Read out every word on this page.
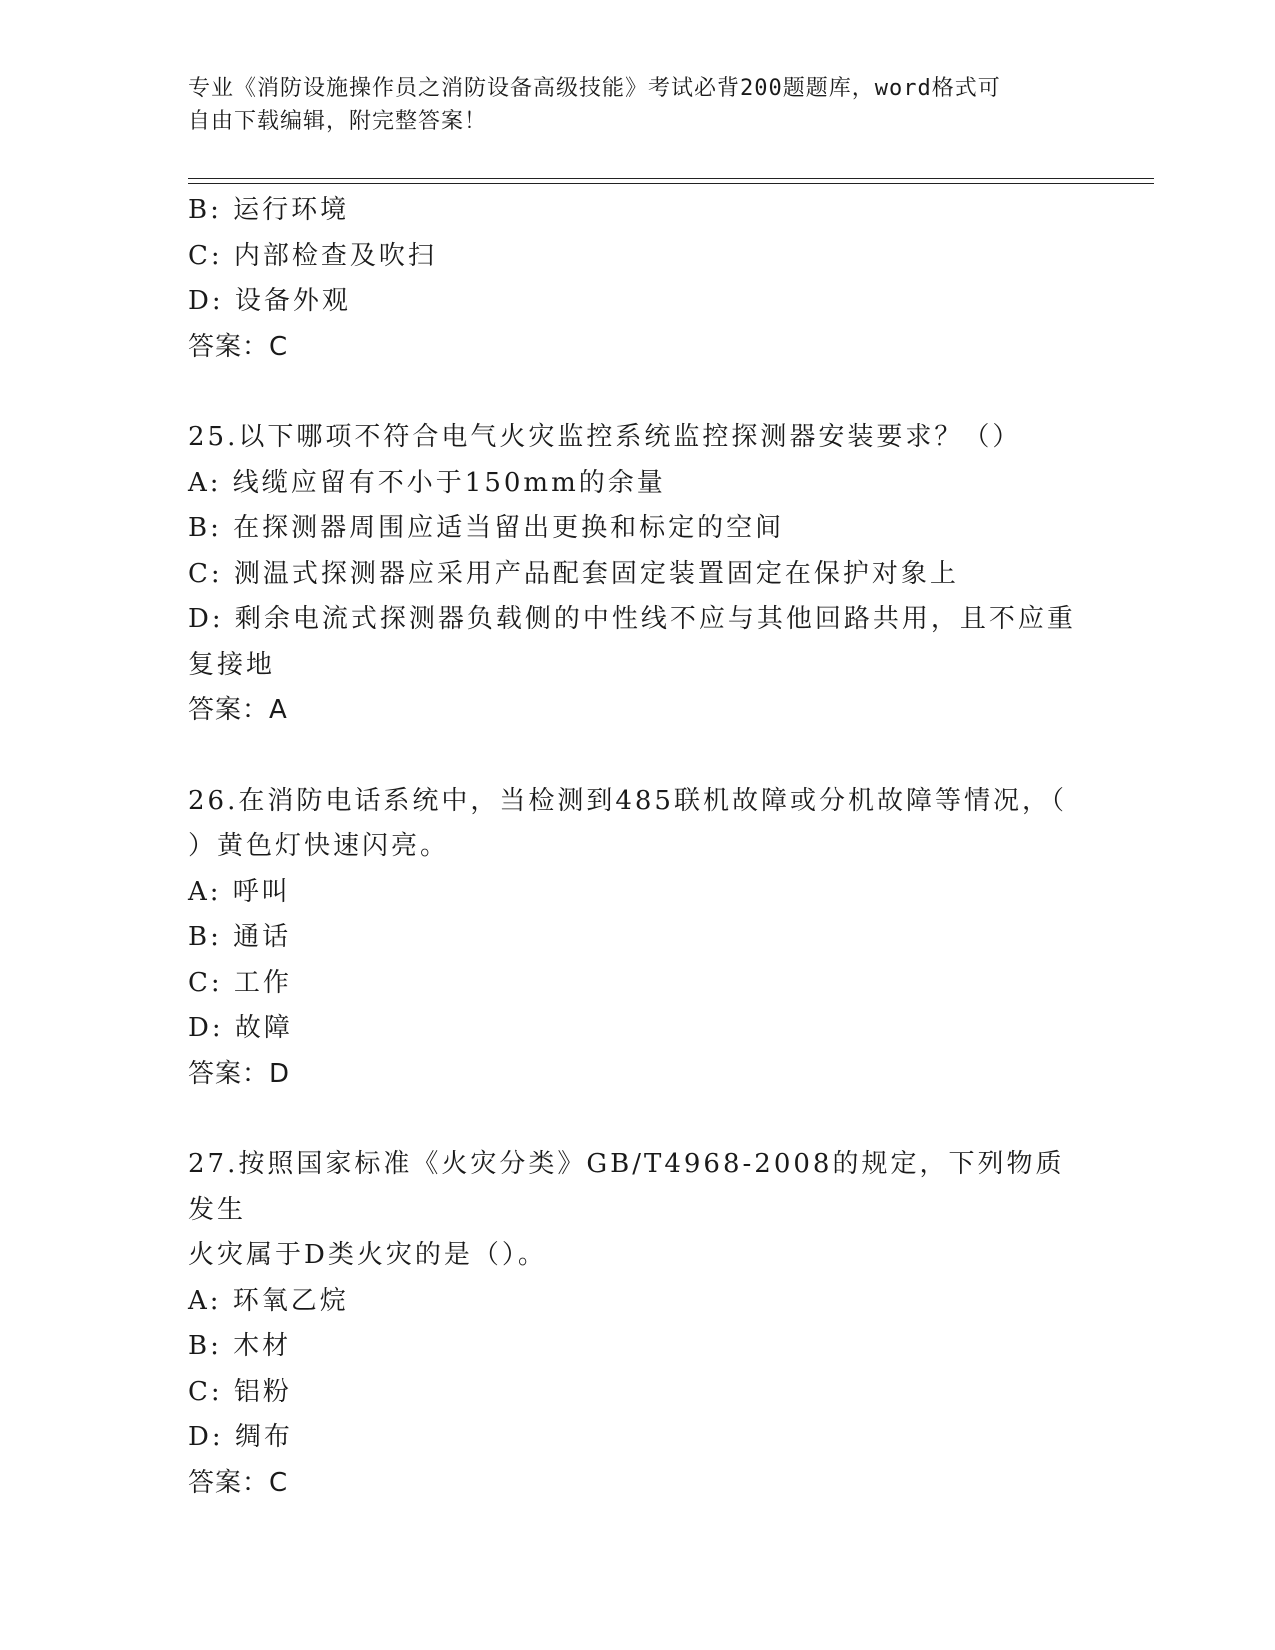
专业《消防设施操作员之消防设备高级技能》考试必背200题题库，word格式可
自由下载编辑，附完整答案！

B: 运行环境

C: 内部检查及吹扫

D: 设备外观

答案：C

25.以下哪项不符合电气火灾监控系统监控探测器安装要求？（）

A: 线缆应留有不小于150mm的余量

B: 在探测器周围应适当留出更换和标定的空间

C: 测温式探测器应采用产品配套固定装置固定在保护对象上

D: 剩余电流式探测器负载侧的中性线不应与其他回路共用，且不应重

复接地

答案：A

26.在消防电话系统中，当检测到485联机故障或分机故障等情况，（

）黄色灯快速闪亮。

A: 呼叫

B: 通话

C: 工作

D: 故障

答案：D

27.按照国家标准《火灾分类》GB/T4968-2008的规定，下列物质发生

火灾属于D类火灾的是（）。

A: 环氧乙烷

B: 木材

C: 铝粉

D: 绸布

答案：C
